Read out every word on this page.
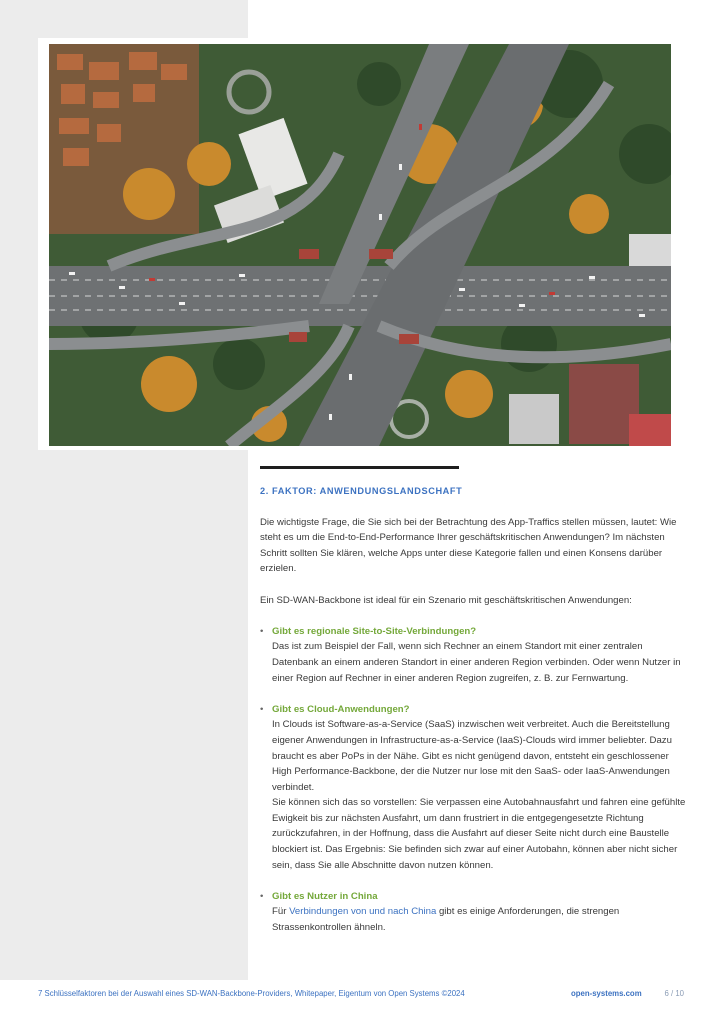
2. FAKTOR: ANWENDUNGSLANDSCHAFT

Die wichtigste Frage, die Sie sich bei der Betrachtung des App-Traffics stellen müssen, lautet: Wie steht es um die End-to-End-Performance Ihrer geschäftskritischen Anwendungen? Im nächsten Schritt sollten Sie klären, welche Apps unter diese Kategorie fallen und einen Konsens darüber erzielen.

Ein SD-WAN-Backbone ist ideal für ein Szenario mit geschäftskritischen Anwendungen:

• Gibt es regionale Site-to-Site-Verbindungen?
Das ist zum Beispiel der Fall, wenn sich Rechner an einem Standort mit einer zentralen Datenbank an einem anderen Standort in einer anderen Region verbinden. Oder wenn Nutzer in einer Region auf Rechner in einer anderen Region zugreifen, z. B. zur Fernwartung.
• Gibt es Cloud-Anwendungen?
In Clouds ist Software-as-a-Service (SaaS) inzwischen weit verbreitet. Auch die Bereitstellung eigener Anwendungen in Infrastructure-as-a-Service (IaaS)-Clouds wird immer beliebter. Dazu braucht es aber PoPs in der Nähe. Gibt es nicht genügend davon, entsteht ein geschlossener High Performance-Backbone, der die Nutzer nur lose mit den SaaS- oder IaaS-Anwendungen verbindet.
Sie können sich das so vorstellen: Sie verpassen eine Autobahnausfahrt und fahren eine gefühlte Ewigkeit bis zur nächsten Ausfahrt, um dann frustriert in die entgegengesetzte Richtung zurückzufahren, in der Hoffnung, dass die Ausfahrt auf dieser Seite nicht durch eine Baustelle blockiert ist. Das Ergebnis: Sie befinden sich zwar auf einer Autobahn, können aber nicht sicher sein, dass Sie alle Abschnitte davon nutzen können.
• Gibt es Nutzer in China
Für Verbindungen von und nach China gibt es einige Anforderungen, die strengen Strassenkontrollen ähneln.
7 Schlüsselfaktoren bei der Auswahl eines SD-WAN-Backbone-Providers, Whitepaper, Eigentum von Open Systems ©2024	open-systems.com	6 / 10
